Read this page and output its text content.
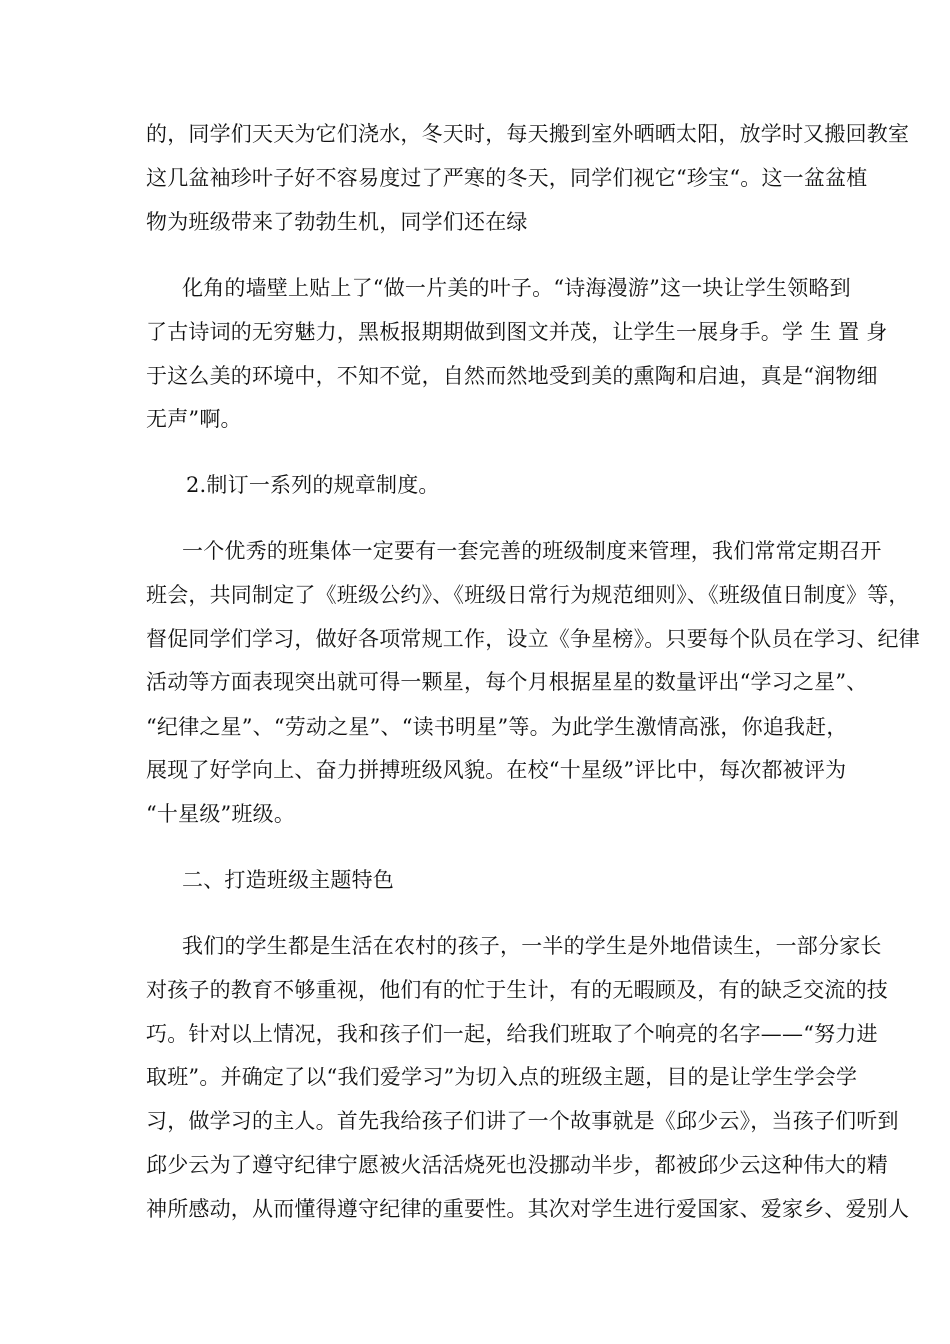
的，同学们天天为它们浇水，冬天时，每天搬到室外晒晒太阳，放学时又搬回教室
这几盆袖珍叶子好不容易度过了严寒的冬天，同学们视它“珍宝“。这一盆盆植
物为班级带来了勃勃生机，同学们还在绿
化角的墙壁上贴上了“做一片美的叶子。“诗海漫游”这一块让学生领略到
了古诗词的无穷魅力，黑板报期期做到图文并茂，让学生一展身手。学 生 置 身
于这么美的环境中，不知不觉，自然而然地受到美的熏陶和启迪，真是“润物细
无声”啊。
2.制订一系列的规章制度。
一个优秀的班集体一定要有一套完善的班级制度来管理，我们常常定期召开
班会，共同制定了《班级公约》、《班级日常行为规范细则》、《班级值日制度》等，
督促同学们学习，做好各项常规工作，设立《争星榜》。只要每个队员在学习、纪律
活动等方面表现突出就可得一颗星，每个月根据星星的数量评出“学习之星”、
“纪律之星”、“劳动之星”、“读书明星”等。为此学生激情高涨，你追我赶，
展现了好学向上、奋力拼搏班级风貌。在校“十星级”评比中，每次都被评为
“十星级”班级。
二、打造班级主题特色
我们的学生都是生活在农村的孩子，一半的学生是外地借读生，一部分家长
对孩子的教育不够重视，他们有的忙于生计，有的无暇顾及，有的缺乏交流的技
巧。针对以上情况，我和孩子们一起，给我们班取了个响亮的名字——“努力进
取班”。并确定了以“我们爱学习”为切入点的班级主题，目的是让学生学会学
习，做学习的主人。首先我给孩子们讲了一个故事就是《邱少云》，当孩子们听到
邱少云为了遵守纪律宁愿被火活活烧死也没挪动半步，都被邱少云这种伟大的精
神所感动，从而懂得遵守纪律的重要性。其次对学生进行爱国家、爱家乡、爱别人
